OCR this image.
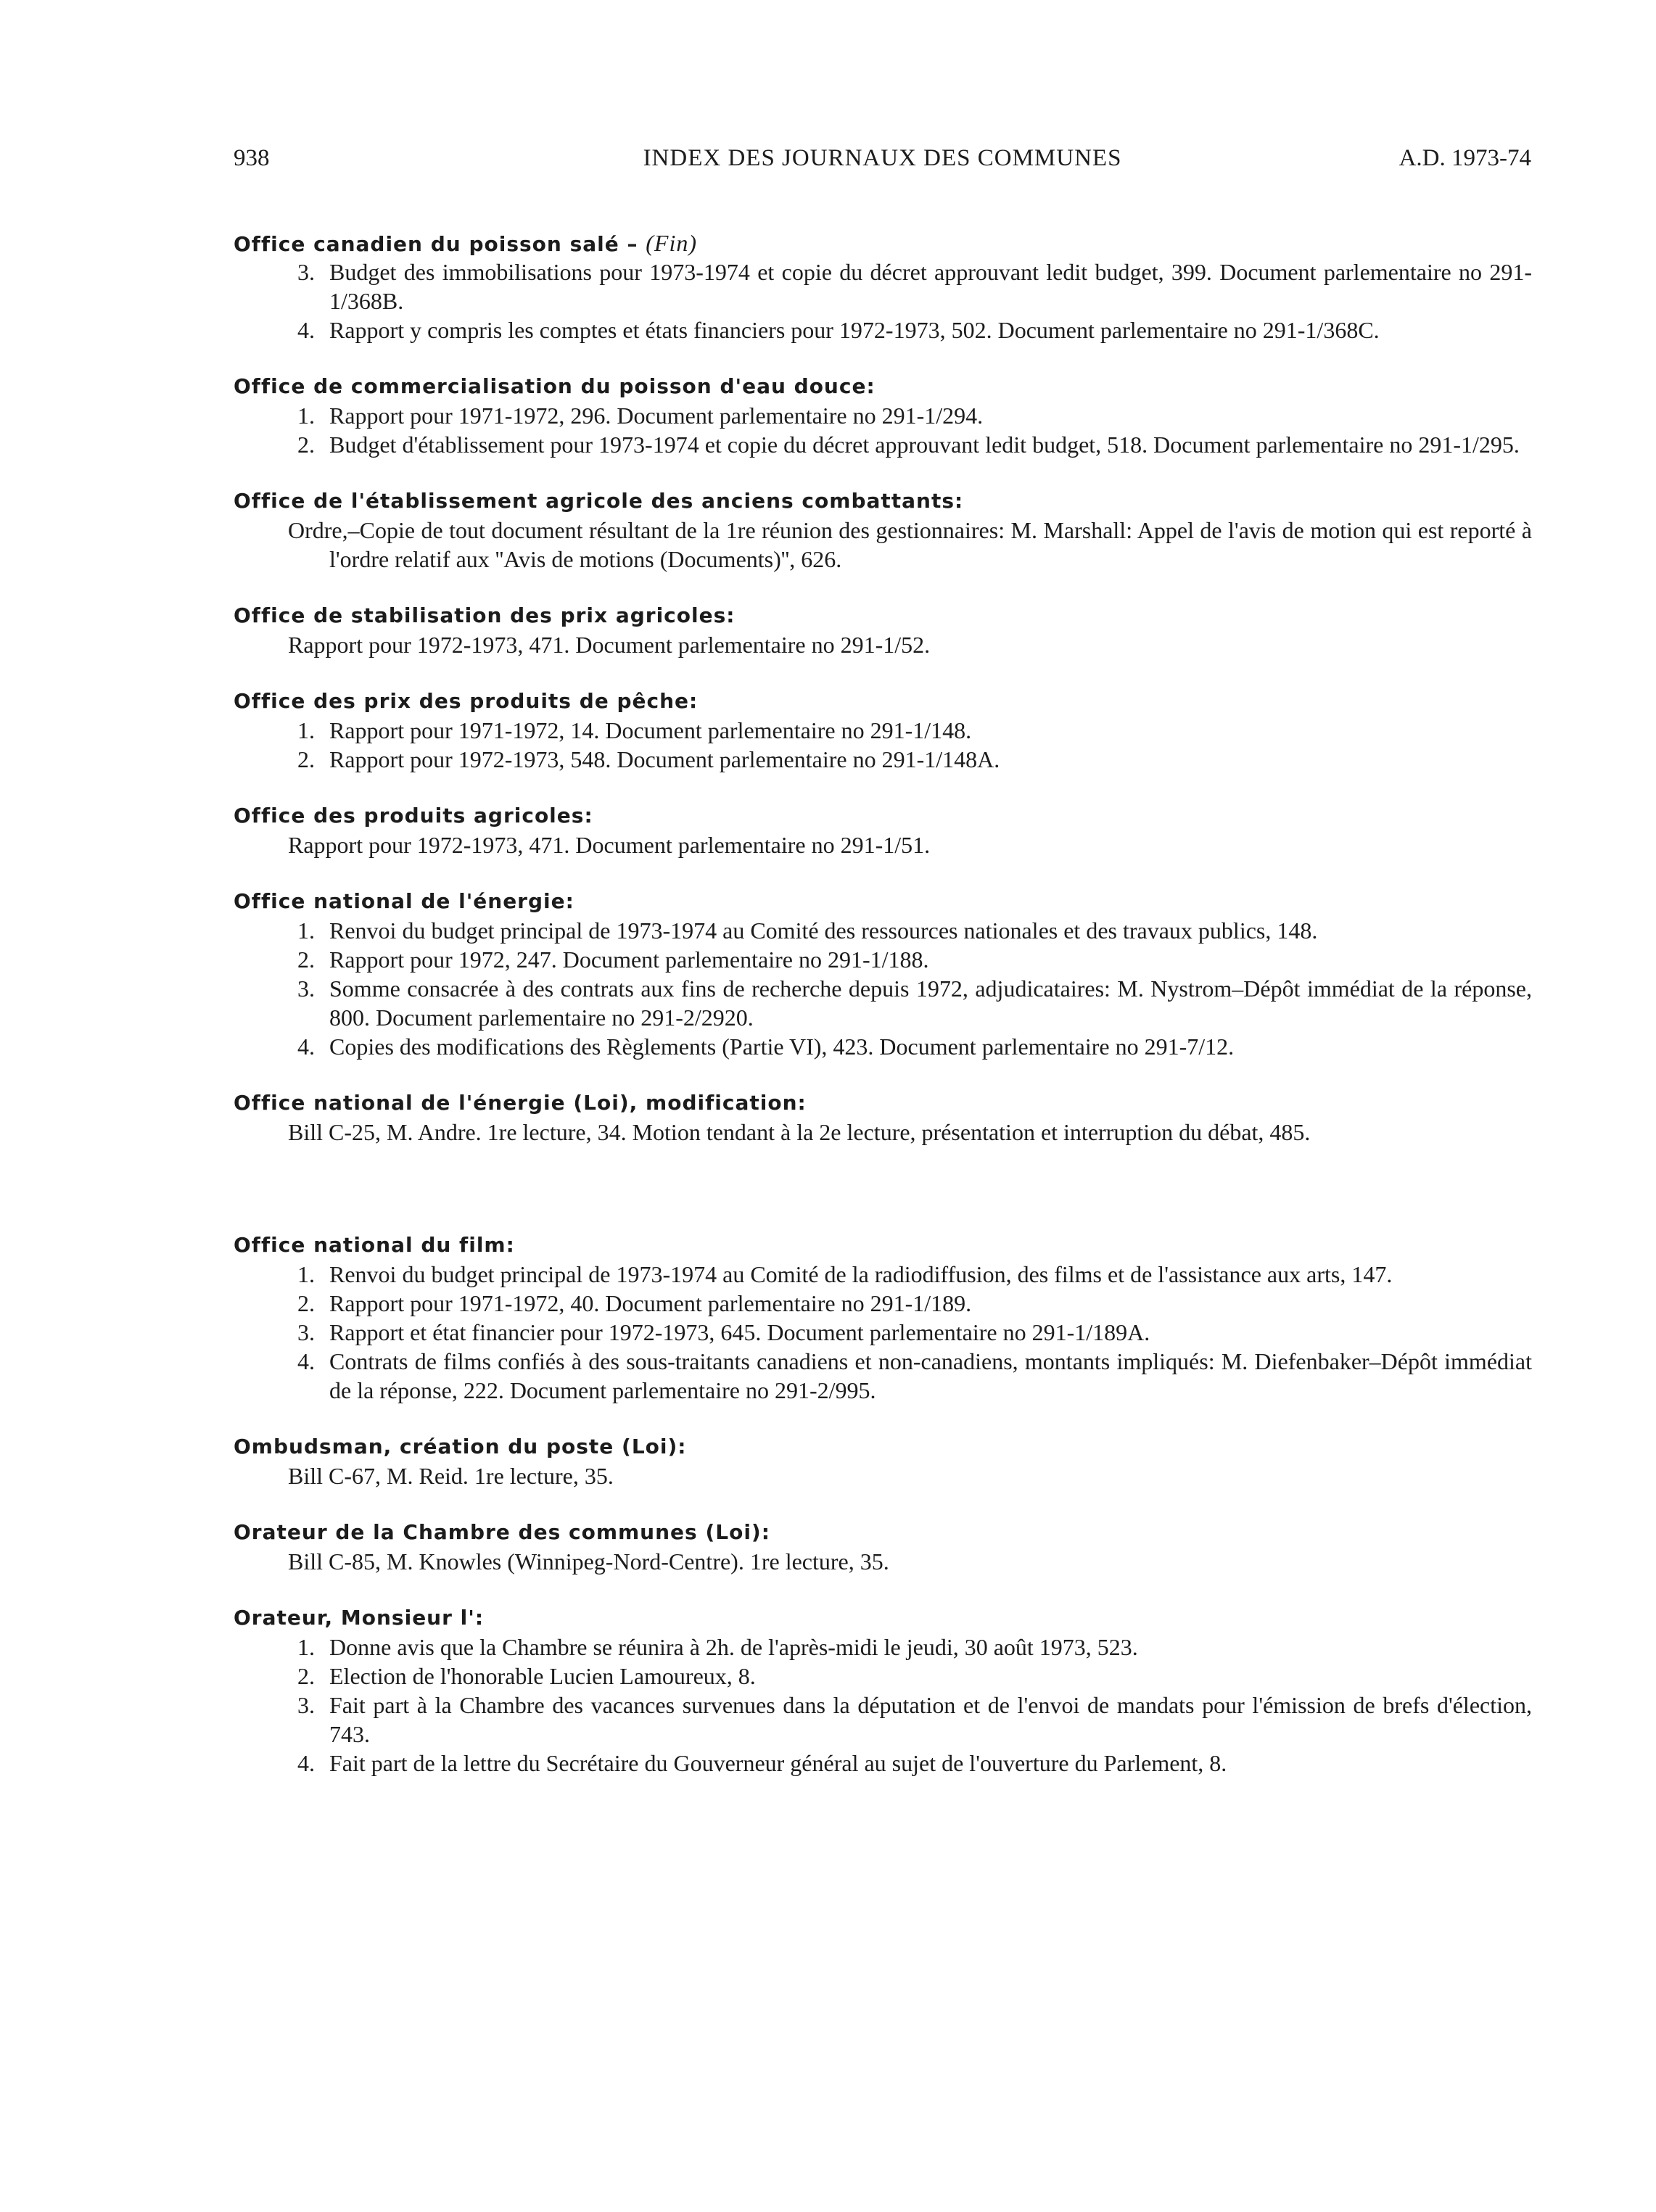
938	INDEX DES JOURNAUX DES COMMUNES	A.D. 1973-74
Office canadien du poisson salé – (Fin)
3. Budget des immobilisations pour 1973-1974 et copie du décret approuvant ledit budget, 399. Document parlementaire no 291-1/368B.
4. Rapport y compris les comptes et états financiers pour 1972-1973, 502. Document parlementaire no 291-1/368C.
Office de commercialisation du poisson d'eau douce:
1. Rapport pour 1971-1972, 296. Document parlementaire no 291-1/294.
2. Budget d'établissement pour 1973-1974 et copie du décret approuvant ledit budget, 518. Document parlementaire no 291-1/295.
Office de l'établissement agricole des anciens combattants:
Ordre,–Copie de tout document résultant de la 1re réunion des gestionnaires: M. Marshall: Appel de l'avis de motion qui est reporté à l'ordre relatif aux ''Avis de motions (Documents)'', 626.
Office de stabilisation des prix agricoles:
Rapport pour 1972-1973, 471. Document parlementaire no 291-1/52.
Office des prix des produits de pêche:
1. Rapport pour 1971-1972, 14. Document parlementaire no 291-1/148.
2. Rapport pour 1972-1973, 548. Document parlementaire no 291-1/148A.
Office des produits agricoles:
Rapport pour 1972-1973, 471. Document parlementaire no 291-1/51.
Office national de l'énergie:
1. Renvoi du budget principal de 1973-1974 au Comité des ressources nationales et des travaux publics, 148.
2. Rapport pour 1972, 247. Document parlementaire no 291-1/188.
3. Somme consacrée à des contrats aux fins de recherche depuis 1972, adjudicataires: M. Nystrom–Dépôt immédiat de la réponse, 800. Document parlementaire no 291-2/2920.
4. Copies des modifications des Règlements (Partie VI), 423. Document parlementaire no 291-7/12.
Office national de l'énergie (Loi), modification:
Bill C-25, M. Andre. 1re lecture, 34. Motion tendant à la 2e lecture, présentation et interruption du débat, 485.
Office national du film:
1. Renvoi du budget principal de 1973-1974 au Comité de la radiodiffusion, des films et de l'assistance aux arts, 147.
2. Rapport pour 1971-1972, 40. Document parlementaire no 291-1/189.
3. Rapport et état financier pour 1972-1973, 645. Document parlementaire no 291-1/189A.
4. Contrats de films confiés à des sous-traitants canadiens et non-canadiens, montants impliqués: M. Diefenbaker–Dépôt immédiat de la réponse, 222. Document parlementaire no 291-2/995.
Ombudsman, création du poste (Loi):
Bill C-67, M. Reid. 1re lecture, 35.
Orateur de la Chambre des communes (Loi):
Bill C-85, M. Knowles (Winnipeg-Nord-Centre). 1re lecture, 35.
Orateur, Monsieur l':
1. Donne avis que la Chambre se réunira à 2h. de l'après-midi le jeudi, 30 août 1973, 523.
2. Election de l'honorable Lucien Lamoureux, 8.
3. Fait part à la Chambre des vacances survenues dans la députation et de l'envoi de mandats pour l'émission de brefs d'élection, 743.
4. Fait part de la lettre du Secrétaire du Gouverneur général au sujet de l'ouverture du Parlement, 8.
